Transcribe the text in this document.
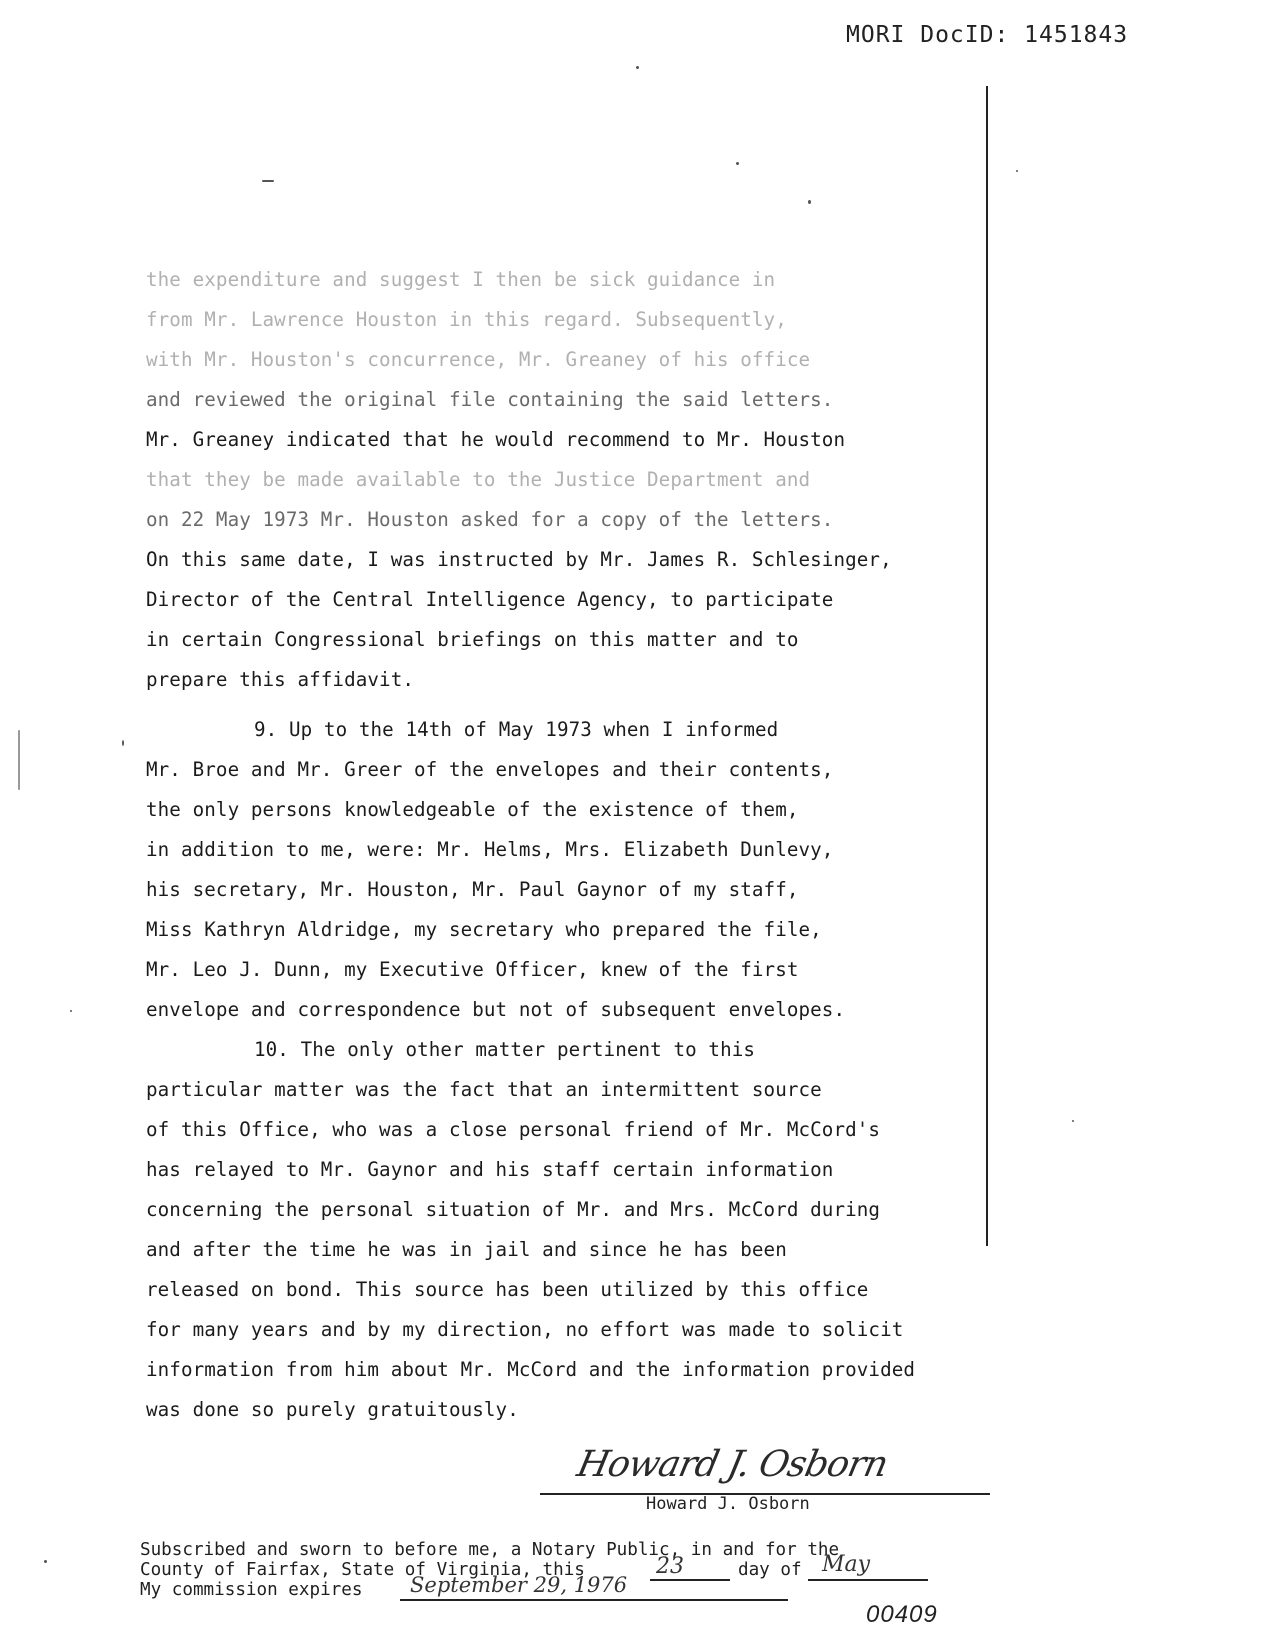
MORI DocID: 1451843
the expenditure and suggest I then be sick guidance in
from Mr. Lawrence Houston in this regard. Subsequently,
with Mr. Houston's concurrence, Mr. Greaney of his office
and reviewed the original file containing the said letters.
Mr. Greaney indicated that he would recommend to Mr. Houston
that they be made available to the Justice Department and
on 22 May 1973 Mr. Houston asked for a copy of the letters.
On this same date, I was instructed by Mr. James R. Schlesinger,
Director of the Central Intelligence Agency, to participate
in certain Congressional briefings on this matter and to
prepare this affidavit.
9. Up to the 14th of May 1973 when I informed
Mr. Broe and Mr. Greer of the envelopes and their contents,
the only persons knowledgeable of the existence of them,
in addition to me, were: Mr. Helms, Mrs. Elizabeth Dunlevy,
his secretary, Mr. Houston, Mr. Paul Gaynor of my staff,
Miss Kathryn Aldridge, my secretary who prepared the file,
Mr. Leo J. Dunn, my Executive Officer, knew of the first
envelope and correspondence but not of subsequent envelopes.
10. The only other matter pertinent to this
particular matter was the fact that an intermittent source
of this Office, who was a close personal friend of Mr. McCord's
has relayed to Mr. Gaynor and his staff certain information
concerning the personal situation of Mr. and Mrs. McCord during
and after the time he was in jail and since he has been
released on bond. This source has been utilized by this office
for many years and by my direction, no effort was made to solicit
information from him about Mr. McCord and the information provided
was done so purely gratuitously.
Howard J. Osborn
Howard J. Osborn
Subscribed and sworn to before me, a Notary Public, in and for the
County of Fairfax, State of Virginia, this	23	day of May
My commission expires September 29, 1976
00409
